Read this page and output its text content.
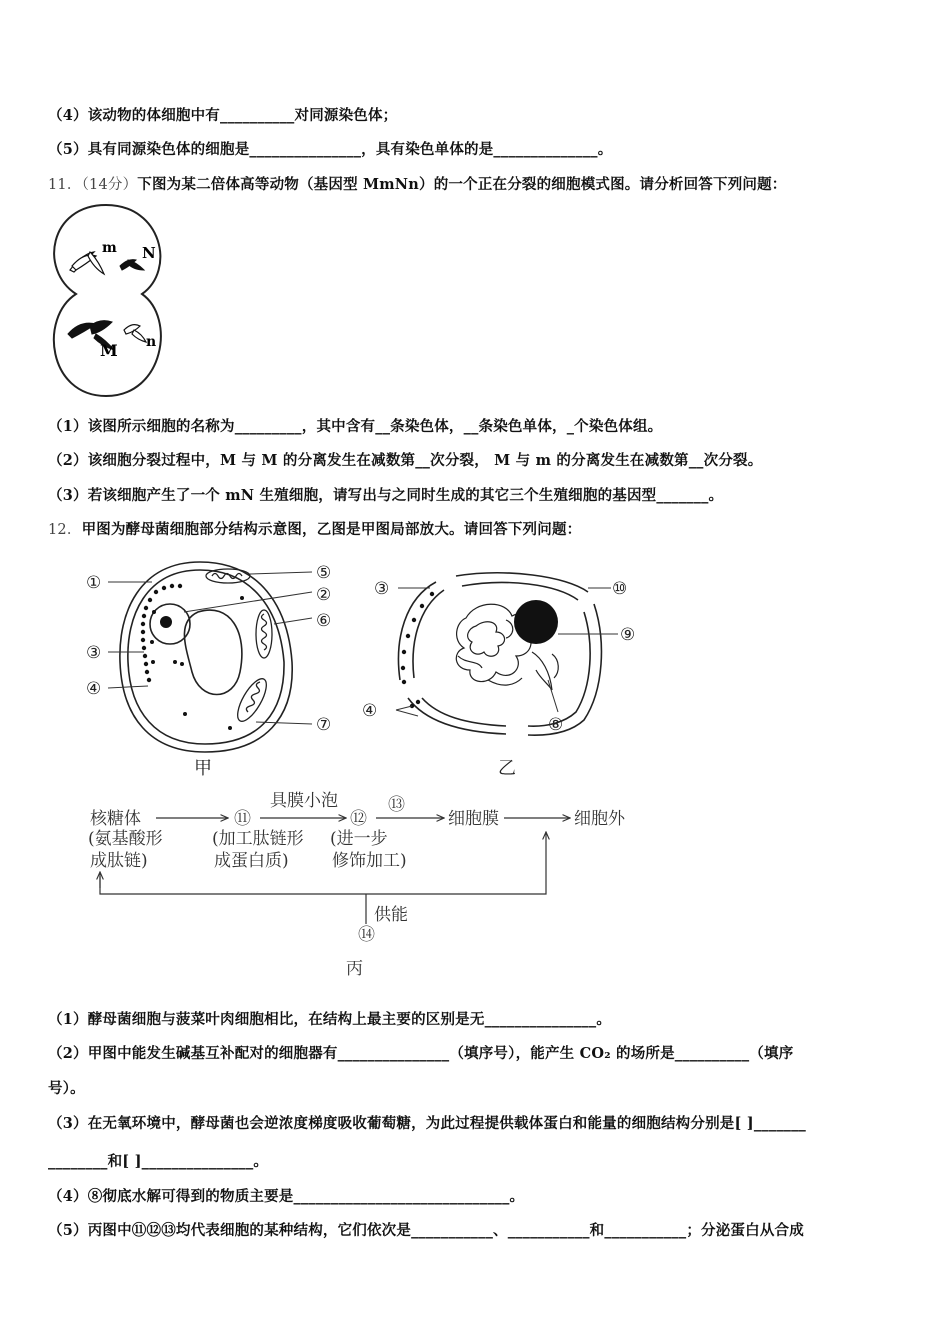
（4）该动物的体细胞中有__________对同源染色体；
（5）具有同源染色体的细胞是_______________，具有染色单体的是______________。
11．（14分）下图为某二倍体高等动物（基因型 MmNn）的一个正在分裂的细胞模式图。请分析回答下列问题：
m N
M n
（1）该图所示细胞的名称为_________，其中含有__条染色体，__条染色单体，_个染色体组。
（2）该细胞分裂过程中，M 与 M 的分离发生在减数第__次分裂， M 与 m 的分离发生在减数第__次分裂。
（3）若该细胞产生了一个 mN 生殖细胞，请写出与之同时生成的其它三个生殖细胞的基因型_______。
12．甲图为酵母菌细胞部分结构示意图，乙图是甲图局部放大。请回答下列问题：
①	⑤
②
⑥
③
④
⑦
甲
③	⑩
⑨
④
⑧
乙
核糖体
(氨基酸形
成肽链)
⑪
具膜小泡
(加工肽链形
成蛋白质)
⑫
⑬
(进一步
修饰加工)
细胞膜	细胞外
供能
⑭
丙
（1）酵母菌细胞与菠菜叶肉细胞相比，在结构上最主要的区别是无_______________。
（2）甲图中能发生碱基互补配对的细胞器有_______________（填序号），能产生 CO₂ 的场所是__________（填序
号）。
（3）在无氧环境中，酵母菌也会逆浓度梯度吸收葡萄糖，为此过程提供载体蛋白和能量的细胞结构分别是[ ]_______
________和[ ]_______________。
（4）⑧彻底水解可得到的物质主要是_____________________________。
（5）丙图中⑪⑫⑬均代表细胞的某种结构，它们依次是___________、___________和___________；分泌蛋白从合成
